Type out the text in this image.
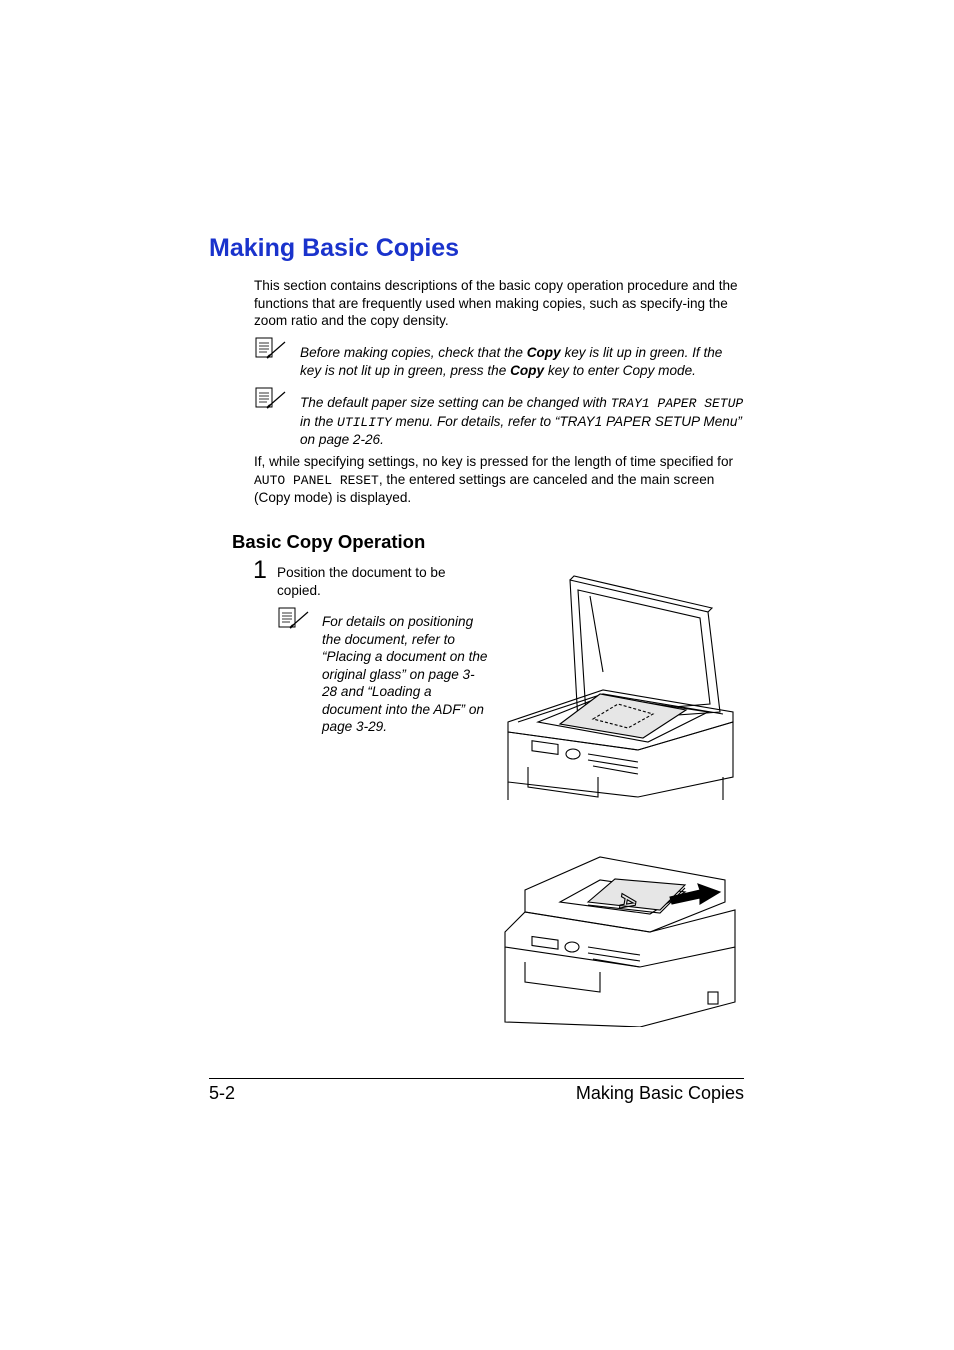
Making Basic Copies
This section contains descriptions of the basic copy operation procedure and the functions that are frequently used when making copies, such as specify-ing the zoom ratio and the copy density.
Before making copies, check that the Copy key is lit up in green. If the key is not lit up in green, press the Copy key to enter Copy mode.
The default paper size setting can be changed with TRAY1 PAPER SETUP in the UTILITY menu. For details, refer to “TRAY1 PAPER SETUP Menu” on page 2-26.
If, while specifying settings, no key is pressed for the length of time specified for AUTO PANEL RESET, the entered settings are canceled and the main screen (Copy mode) is displayed.
Basic Copy Operation
1 Position the document to be copied.
For details on positioning the document, refer to “Placing a document on the original glass” on page 3-28 and “Loading a document into the ADF” on page 3-29.
A
5-2	Making Basic Copies
